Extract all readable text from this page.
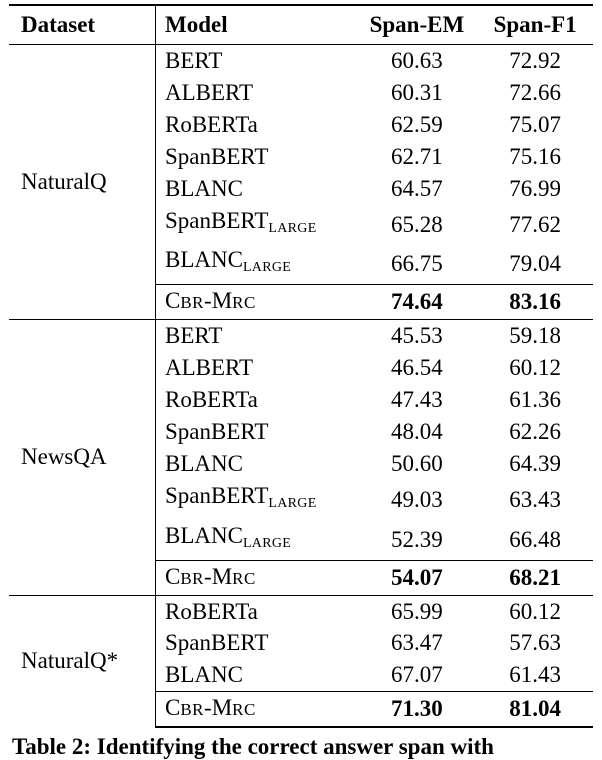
Dataset	Model	Span-EM	Span-F1
NaturalQ	BERT	60.63	72.92
	ALBERT	60.31	72.66
	RoBERTa	62.59	75.07
	SpanBERT	62.71	75.16
	BLANC	64.57	76.99
	SpanBERT$_{LARGE}$	65.28	77.62
	$BLANC_{LARGE}$	66.75	79.04
	CBR-MRC	74.64	83.16
NewsQA	BERT	45.53	59.18
	ALBERT	46.54	60.12
	RoBERTa	47.43	61.36
	SpanBERT	48.04	62.26
	BLANC	50.60	64.39
	SpanBERT$_{LARGE}$	49.03	63.43
	$BLANC_{LARGE}$	52.39	66.48
	CBR-MRC	54.07	68.21
NaturalQ*	RoBERTa	65.99	60.12
	SpanBERT	63.47	57.63
	BLANC	67.07	61.43
	CBR-MRC	71.30	81.04
Table 2: Identifying the correct answer span with
